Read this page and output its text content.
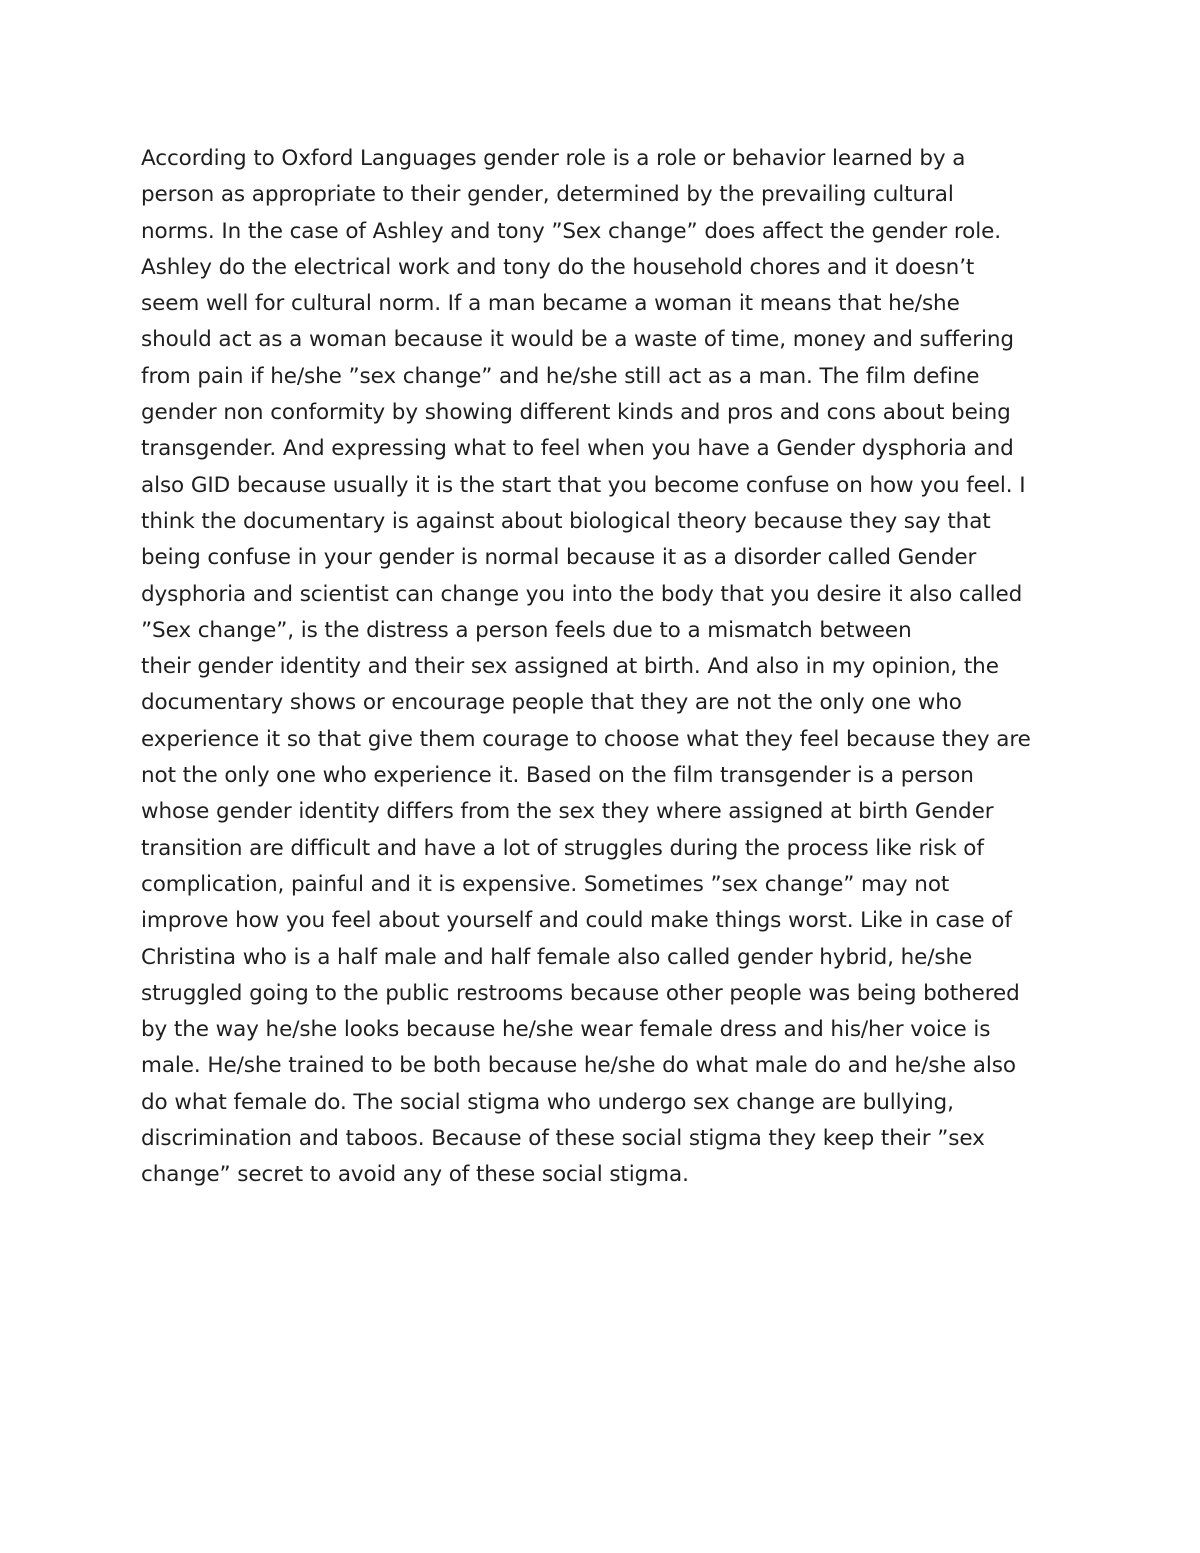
According to Oxford Languages gender role is a role or behavior learned by a
person as appropriate to their gender, determined by the prevailing cultural
norms. In the case of Ashley and tony ”Sex change” does affect the gender role.
Ashley do the electrical work and tony do the household chores and it doesn’t
seem well for cultural norm. If a man became a woman it means that he/she
should act as a woman because it would be a waste of time, money and suffering
from pain if he/she ”sex change” and he/she still act as a man. The film define
gender non conformity by showing different kinds and pros and cons about being
transgender. And expressing what to feel when you have a Gender dysphoria and
also GID because usually it is the start that you become confuse on how you feel. I
think the documentary is against about biological theory because they say that
being confuse in your gender is normal because it as a disorder called Gender
dysphoria and scientist can change you into the body that you desire it also called
”Sex change”, is the distress a person feels due to a mismatch between
their gender identity and their sex assigned at birth. And also in my opinion, the
documentary shows or encourage people that they are not the only one who
experience it so that give them courage to choose what they feel because they are
not the only one who experience it. Based on the film transgender is a person
whose gender identity differs from the sex they where assigned at birth Gender
transition are difficult and have a lot of struggles during the process like risk of
complication, painful and it is expensive. Sometimes ”sex change” may not
improve how you feel about yourself and could make things worst. Like in case of
Christina who is a half male and half female also called gender hybrid, he/she
struggled going to the public restrooms because other people was being bothered
by the way he/she looks because he/she wear female dress and his/her voice is
male. He/she trained to be both because he/she do what male do and he/she also
do what female do. The social stigma who undergo sex change are bullying,
discrimination and taboos. Because of these social stigma they keep their ”sex
change” secret to avoid any of these social stigma.
